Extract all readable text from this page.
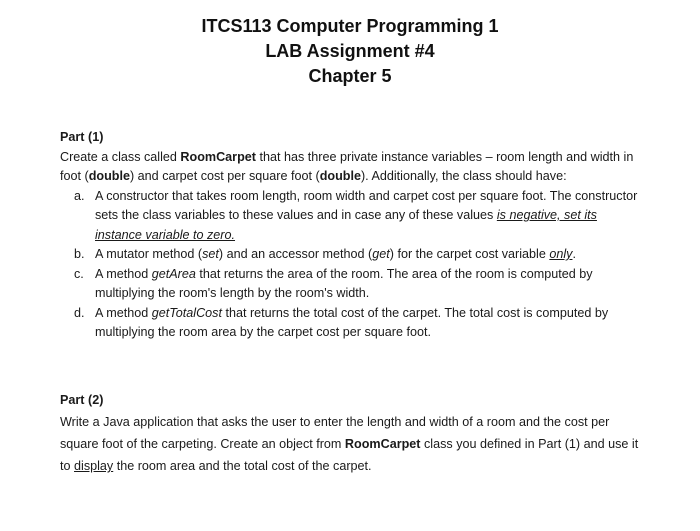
ITCS113 Computer Programming 1
LAB Assignment #4
Chapter 5
Part (1)

Create a class called RoomCarpet that has three private instance variables – room length and width in foot (double) and carpet cost per square foot (double). Additionally, the class should have:

a. A constructor that takes room length, room width and carpet cost per square foot. The constructor sets the class variables to these values and in case any of these values is negative, set its instance variable to zero.
b. A mutator method (set) and an accessor method (get) for the carpet cost variable only.
c. A method getArea that returns the area of the room. The area of the room is computed by multiplying the room's length by the room's width.
d. A method getTotalCost that returns the total cost of the carpet. The total cost is computed by multiplying the room area by the carpet cost per square foot.
Part (2)

Write a Java application that asks the user to enter the length and width of a room and the cost per square foot of the carpeting. Create an object from RoomCarpet class you defined in Part (1) and use it to display the room area and the total cost of the carpet.
